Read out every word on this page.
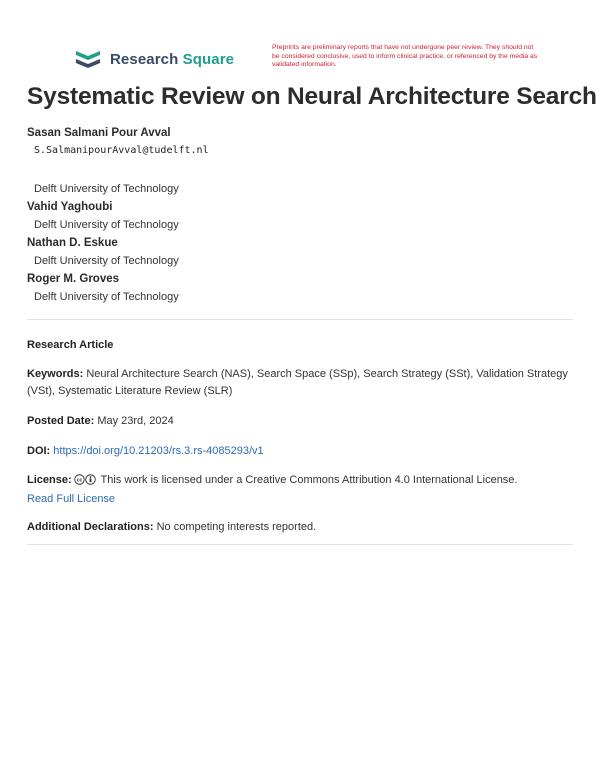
Research Square
Preprints are preliminary reports that have not undergone peer review. They should not be considered conclusive, used to inform clinical practice, or referenced by the media as validated information.
Systematic Review on Neural Architecture Search
Sasan Salmani Pour Avval
S.SalmanipourAvval@tudelft.nl
Delft University of Technology
Vahid Yaghoubi
Delft University of Technology
Nathan D. Eskue
Delft University of Technology
Roger M. Groves
Delft University of Technology
Research Article
Keywords: Neural Architecture Search (NAS), Search Space (SSp), Search Strategy (SSt), Validation Strategy (VSt), Systematic Literature Review (SLR)
Posted Date: May 23rd, 2024
DOI: https://doi.org/10.21203/rs.3.rs-4085293/v1
License: cc This work is licensed under a Creative Commons Attribution 4.0 International License.
Read Full License
Additional Declarations: No competing interests reported.
